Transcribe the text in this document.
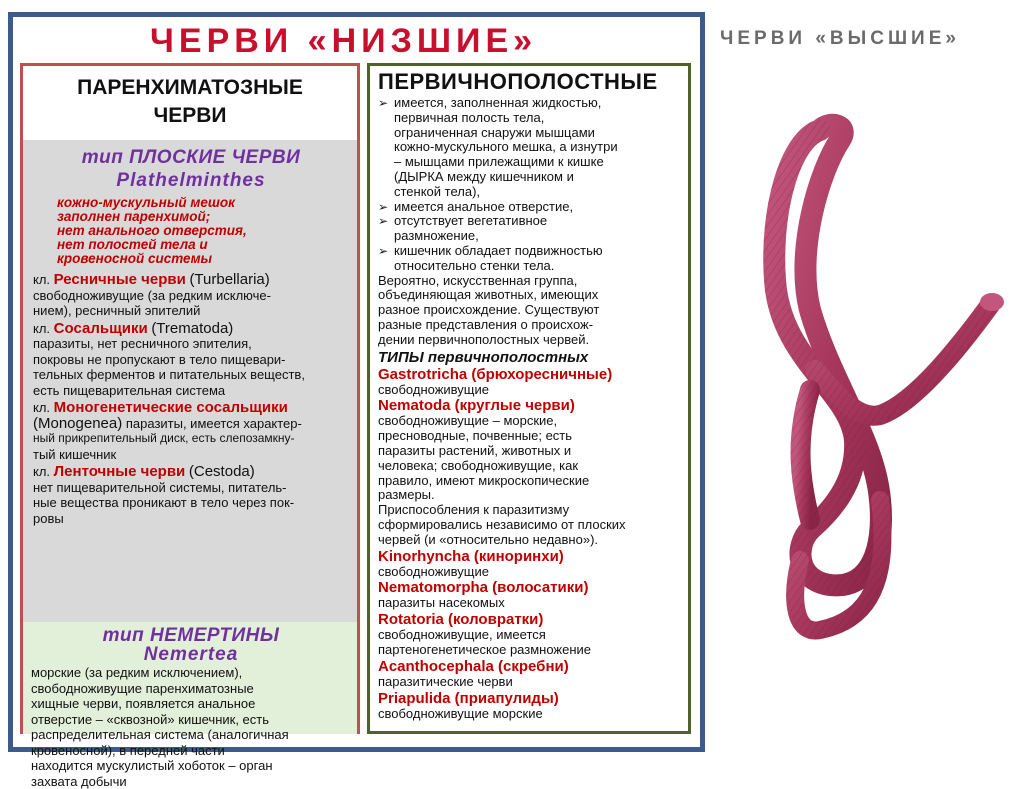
ЧЕРВИ «НИЗШИЕ»	ЧЕРВИ «ВЫСШИЕ»
ПАРЕНХИМАТОЗНЫЕ
ЧЕРВИ
тип ПЛОСКИЕ ЧЕРВИ
Plathelminthes
кожно-мускульный мешок
заполнен паренхимой;
нет анального отверстия,
нет полостей тела и
кровеносной системы

кл. Ресничные черви (Turbellaria)

свободноживущие (за редким исключе-

нием), ресничный эпителий

кл. Сосальщики (Trematoda)

паразиты, нет ресничного эпителия,

покровы не пропускают в тело пищевари-

тельных ферментов и питательных веществ,

есть пищеварительная система

кл. Моногенетические сосальщики

(Monogenea) паразиты, имеется характер-

ный прикрепительный диск, есть слепозамкну-

тый кишечник

кл. Ленточные черви (Cestoda)

нет пищеварительной системы, питатель-

ные вещества проникают в тело через пок-

ровы

тип НЕМЕРТИНЫ
Nemertea
морские (за редким исключением),
свободноживущие паренхиматозные
хищные черви, появляется анальное
отверстие – «сквозной» кишечник, есть
распределительная система (аналогичная
кровеносной), в передней части
находится мускулистый хоботок – орган
захвата добычи
ПЕРВИЧНОПОЛОСТНЫЕ
➢ имеется, заполненная жидкостью,
первичная полость тела,
ограниченная снаружи мышцами
кожно-мускульного мешка, а изнутри
– мышцами прилежащими к кишке
(ДЫРКА между кишечником и
стенкой тела),
➢ имеется анальное отверстие,
➢ отсутствует вегетативное
размножение,
➢ кишечник обладает подвижностью
относительно стенки тела.
Вероятно, искусственная группа,
объединяющая животных, имеющих
разное происхождение. Существуют
разные представления о происхож-
дении первичнополостных червей.
ТИПЫ первичнополостных
Gastrotricha (брюхоресничные)
свободноживущие
Nematoda (круглые черви)
свободноживущие – морские,
пресноводные, почвенные; есть
паразиты растений, животных и
человека; свободноживущие, как
правило, имеют микроскопические
размеры.
Приспособления к паразитизму
сформировались независимо от плоских
червей (и «относительно недавно»).
Kinorhyncha (киноринхи)
свободноживущие
Nematomorpha (волосатики)
паразиты насекомых
Rotatoria (коловратки)
свободноживущие, имеется
партеногенетическое размножение
Acanthocephala (скребни)
паразитические черви
Priapulida (приапулиды)
свободноживущие морские
